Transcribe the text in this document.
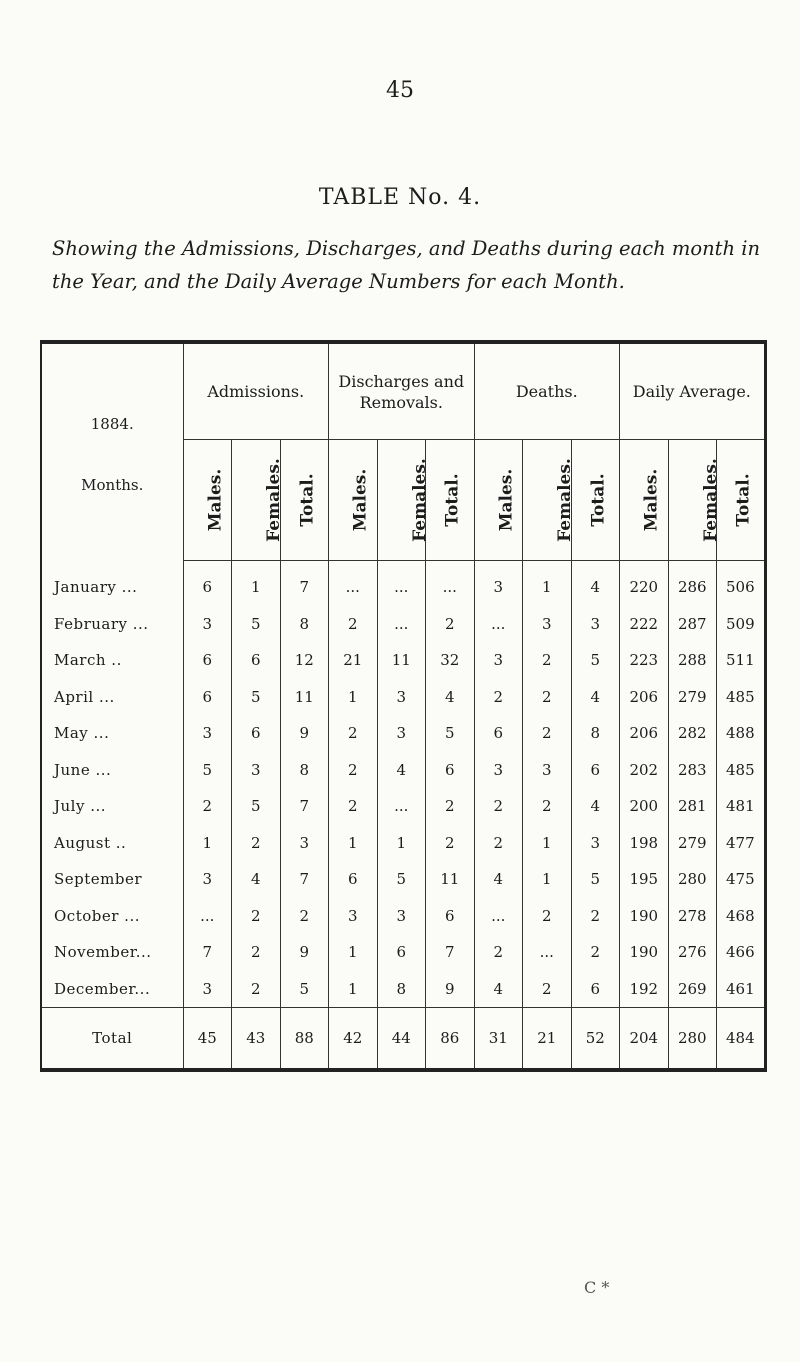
45
TABLE No. 4.
Showing the Admissions, Discharges, and Deaths during each month in the Year, and the Daily Average Numbers for each Month.
1884.
Months.	Admissions.			Discharges and Removals.			Deaths.			Daily Average.		
	Males.	Females.	Total.	Males.	Females.	Total.	Males.	Females.	Total.	Males.	Females.	Total.
January ...	6	1	7	...	...	...	3	1	4	220	286	506
February ...	3	5	8	2	...	2	...	3	3	222	287	509
March ..	6	6	12	21	11	32	3	2	5	223	288	511
April ...	6	5	11	1	3	4	2	2	4	206	279	485
May ...	3	6	9	2	3	5	6	2	8	206	282	488
June ...	5	3	8	2	4	6	3	3	6	202	283	485
July ...	2	5	7	2	...	2	2	2	4	200	281	481
August ..	1	2	3	1	1	2	2	1	3	198	279	477
September	3	4	7	6	5	11	4	1	5	195	280	475
October ...	...	2	2	3	3	6	...	2	2	190	278	468
November...	7	2	9	1	6	7	2	...	2	190	276	466
December...	3	2	5	1	8	9	4	2	6	192	269	461
Total	45	43	88	42	44	86	31	21	52	204	280	484
C *
